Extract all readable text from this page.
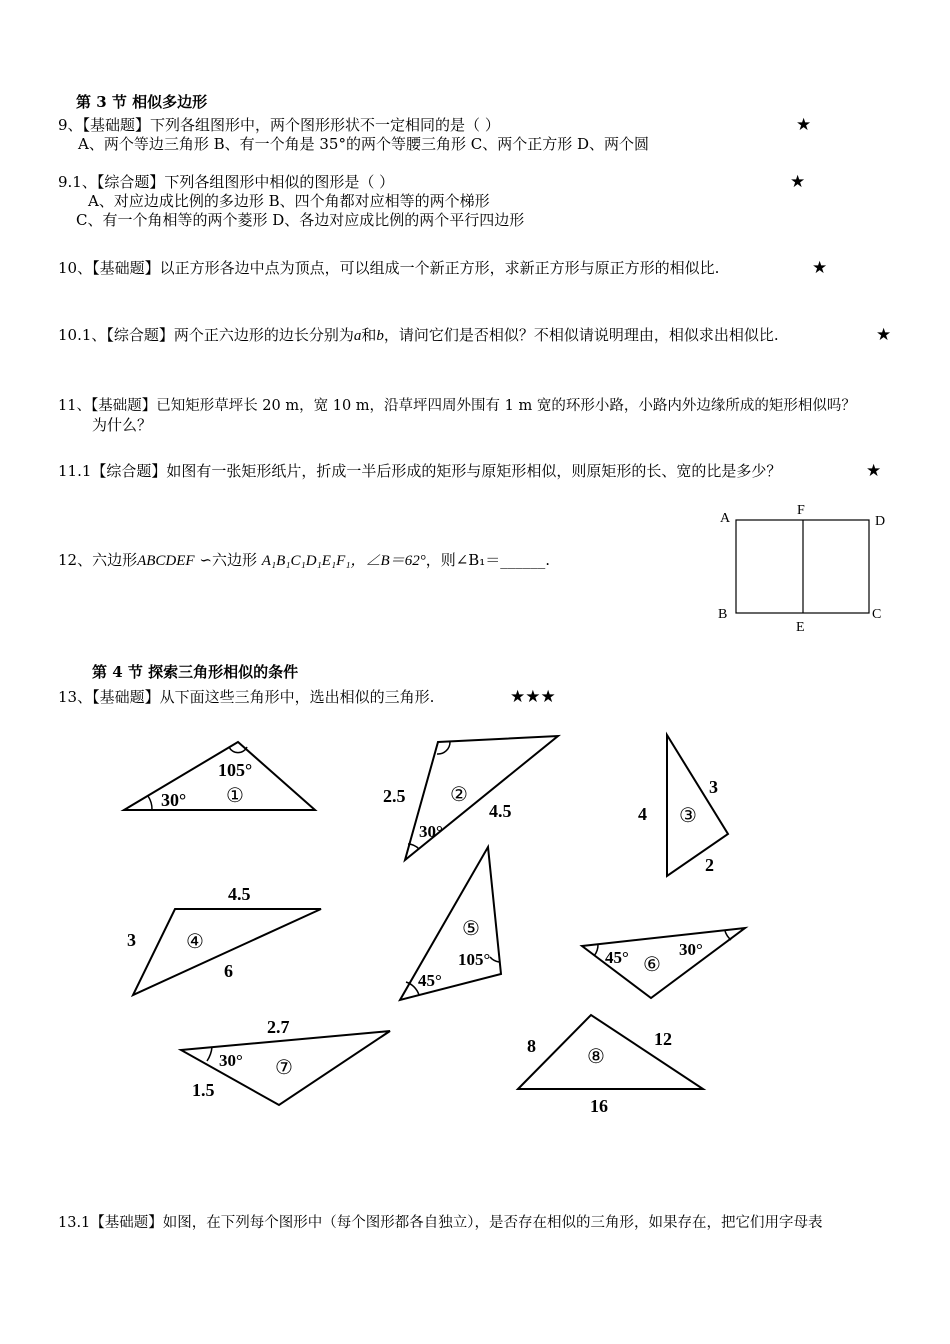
第 3 节 相似多边形
9、【基础题】下列各组图形中，两个图形形状不一定相同的是（ ）	★
A、两个等边三角形 B、有一个角是 35°的两个等腰三角形 C、两个正方形 D、两个圆
9.1、【综合题】下列各组图形中相似的图形是（ ）	★
A、对应边成比例的多边形 B、四个角都对应相等的两个梯形
C、有一个角相等的两个菱形 D、各边对应成比例的两个平行四边形
10、【基础题】以正方形各边中点为顶点，可以组成一个新正方形，求新正方形与原正方形的相似比.	★
10.1、【综合题】两个正六边形的边长分别为a和b，请问它们是否相似？不相似请说明理由，相似求出相似比.	★
11、【基础题】已知矩形草坪长 20 m，宽 10 m，沿草坪四周外围有 1 m 宽的环形小路，小路内外边缘所成的矩形相似吗？
为什么？
11.1【综合题】如图有一张矩形纸片，折成一半后形成的矩形与原矩形相似，则原矩形的长、宽的比是多少？	★
A
F
D
B
E
C
12、六边形ABCDEF ∽六边形 A₁B₁C₁D₁E₁F₁，∠B＝62°，则∠B₁＝______.
第 4 节 探索三角形相似的条件
13、【基础题】从下面这些三角形中，选出相似的三角形.	★★★
105°
30° ①	2.5
4.5
30°
②
4
3
2
③
4.5
3
6
④
105°
45°
⑤
45°	30°
⑥
2.7
30°
1.5
⑦
8	12
16
⑧
13.1【基础题】如图，在下列每个图形中（每个图形都各自独立），是否存在相似的三角形，如果存在，把它们用字母表
